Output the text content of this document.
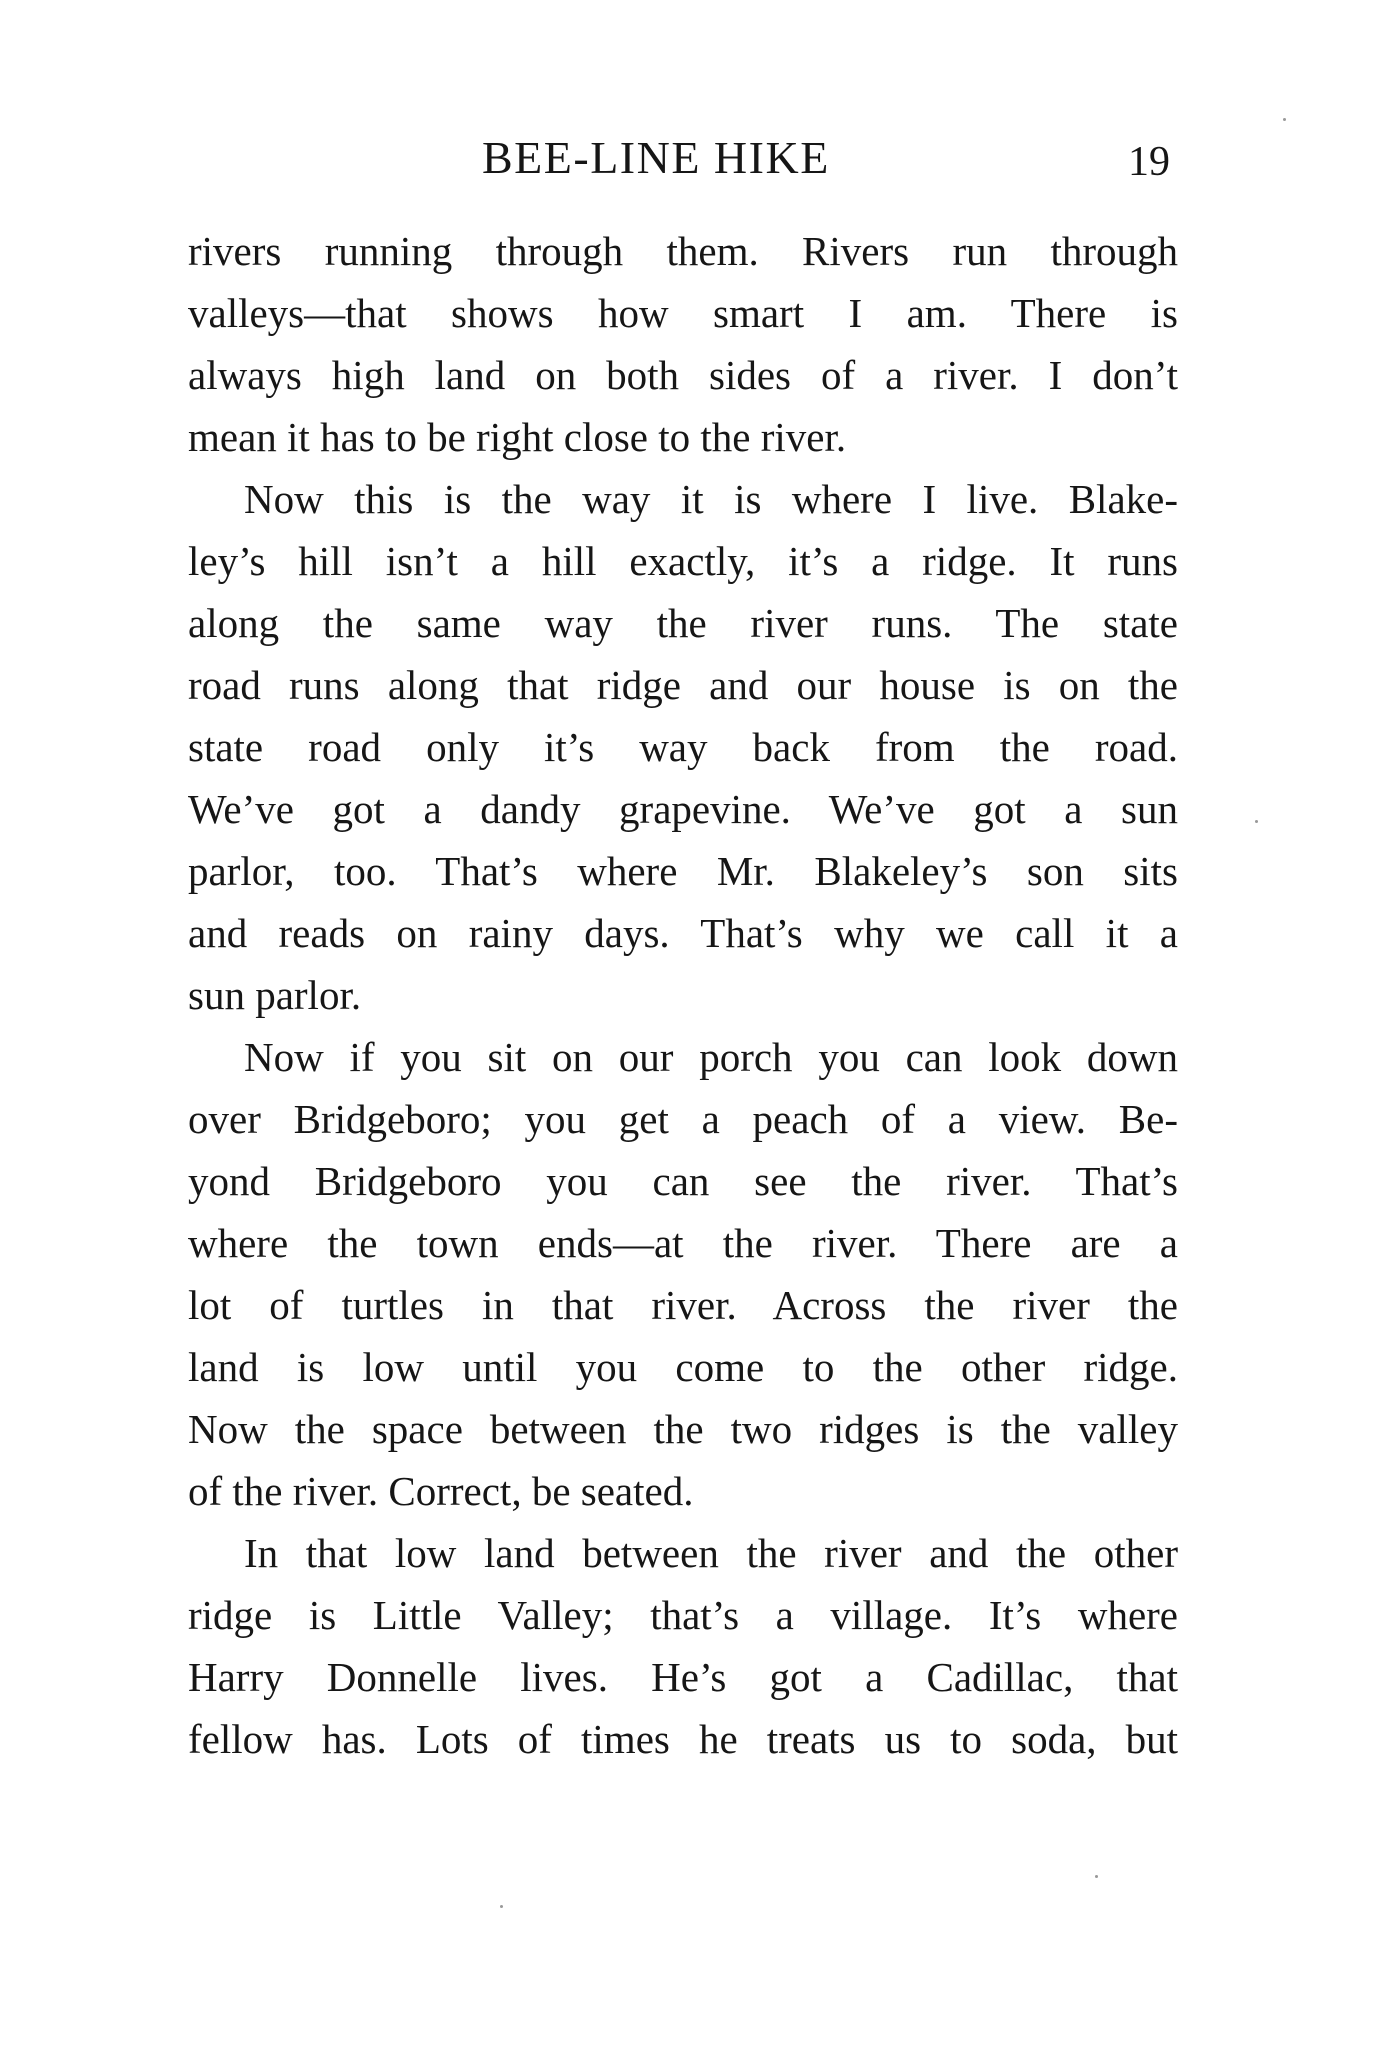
BEE-LINE HIKE	19
rivers running through them. Rivers run through
valleys—that shows how smart I am. There is
always high land on both sides of a river. I don’t
mean it has to be right close to the river.
Now this is the way it is where I live. Blake-
ley’s hill isn’t a hill exactly, it’s a ridge. It runs
along the same way the river runs. The state
road runs along that ridge and our house is on the
state road only it’s way back from the road.
We’ve got a dandy grapevine. We’ve got a sun
parlor, too. That’s where Mr. Blakeley’s son sits
and reads on rainy days. That’s why we call it a
sun parlor.
Now if you sit on our porch you can look down
over Bridgeboro; you get a peach of a view. Be-
yond Bridgeboro you can see the river. That’s
where the town ends—at the river. There are a
lot of turtles in that river. Across the river the
land is low until you come to the other ridge.
Now the space between the two ridges is the valley
of the river. Correct, be seated.
In that low land between the river and the other
ridge is Little Valley; that’s a village. It’s where
Harry Donnelle lives. He’s got a Cadillac, that
fellow has. Lots of times he treats us to soda, but
